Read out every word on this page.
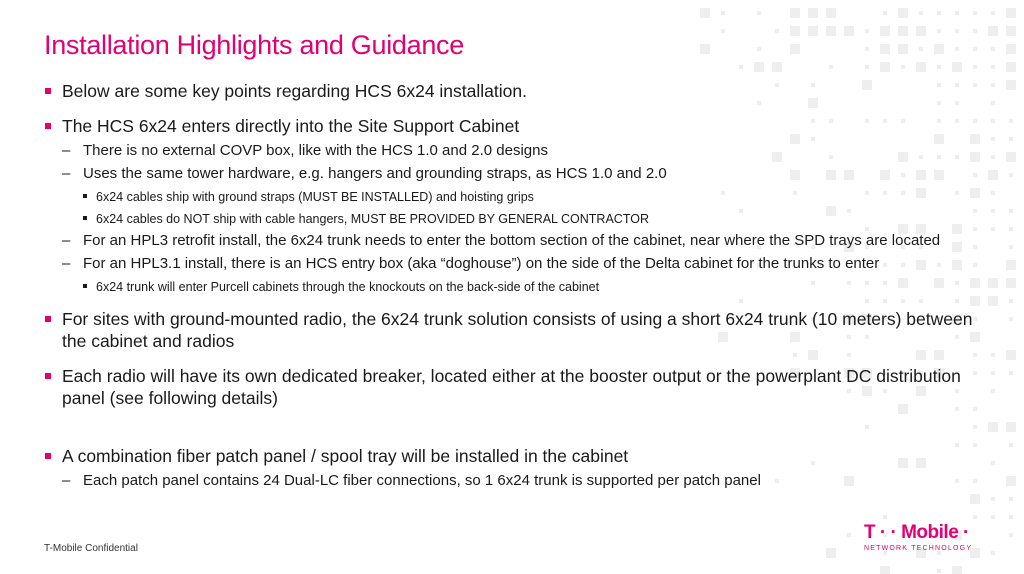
Installation Highlights and Guidance
Below are some key points regarding HCS 6x24 installation.
The HCS 6x24 enters directly into the Site Support Cabinet
– There is no external COVP box, like with the HCS 1.0 and 2.0 designs
– Uses the same tower hardware, e.g. hangers and grounding straps, as HCS 1.0 and 2.0
6x24 cables ship with ground straps (MUST BE INSTALLED) and hoisting grips
6x24 cables do NOT ship with cable hangers, MUST BE PROVIDED BY GENERAL CONTRACTOR
– For an HPL3 retrofit install, the 6x24 trunk needs to enter the bottom section of the cabinet, near where the SPD trays are located
– For an HPL3.1 install, there is an HCS entry box (aka “doghouse”) on the side of the Delta cabinet for the trunks to enter
6x24 trunk will enter Purcell cabinets through the knockouts on the back-side of the cabinet
For sites with ground-mounted radio, the 6x24 trunk solution consists of using a short 6x24 trunk (10 meters) between the cabinet and radios
Each radio will have its own dedicated breaker, located either at the booster output or the powerplant DC distribution panel (see following details)
A combination fiber patch panel / spool tray will be installed in the cabinet
– Each patch panel contains 24 Dual-LC fiber connections, so 1 6x24 trunk is supported per patch panel
T-Mobile Confidential
T · · Mobile ·
NETWORK TECHNOLOGY
